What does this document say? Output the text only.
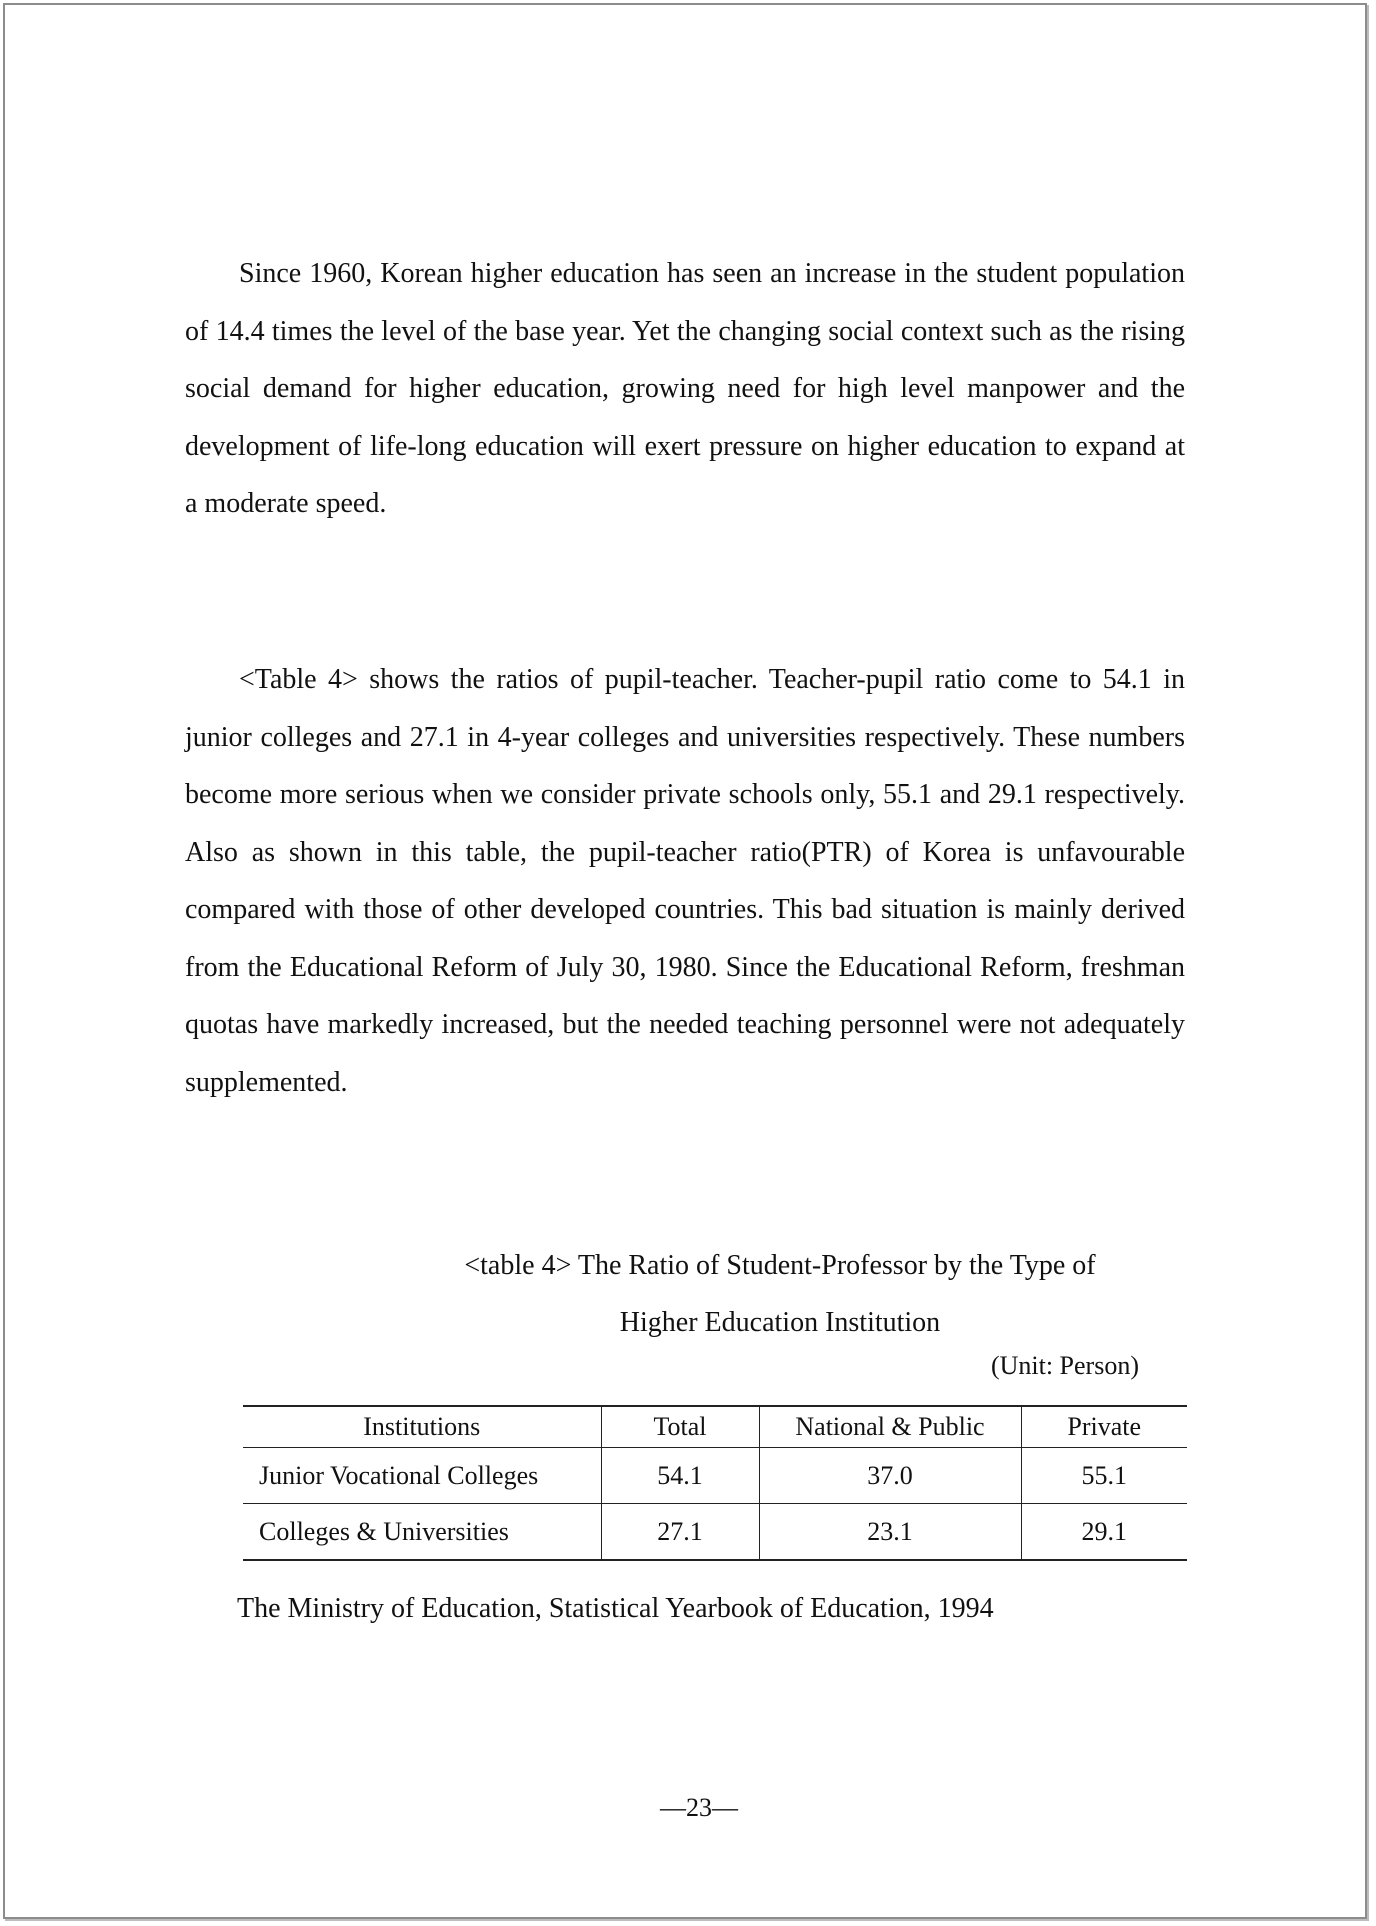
Since 1960, Korean higher education has seen an increase in the student population of 14.4 times the level of the base year. Yet the changing social context such as the rising social demand for higher education, growing need for high level manpower and the development of life-long education will exert pressure on higher education to expand at a moderate speed.

<Table 4> shows the ratios of pupil-teacher. Teacher-pupil ratio come to 54.1 in junior colleges and 27.1 in 4-year colleges and universities respectively. These numbers become more serious when we consider private schools only, 55.1 and 29.1 respectively. Also as shown in this table, the pupil-teacher ratio(PTR) of Korea is unfavourable compared with those of other developed countries. This bad situation is mainly derived from the Educational Reform of July 30, 1980. Since the Educational Reform, freshman quotas have markedly increased, but the needed teaching personnel were not adequately supplemented.

<table 4> The Ratio of Student-Professor by the Type of
Higher Education Institution
(Unit: Person)
Institutions	Total	National & Public	Private
Junior Vocational Colleges	54.1	37.0	55.1
Colleges & Universities	27.1	23.1	29.1
The Ministry of Education, Statistical Yearbook of Education, 1994
—23—
